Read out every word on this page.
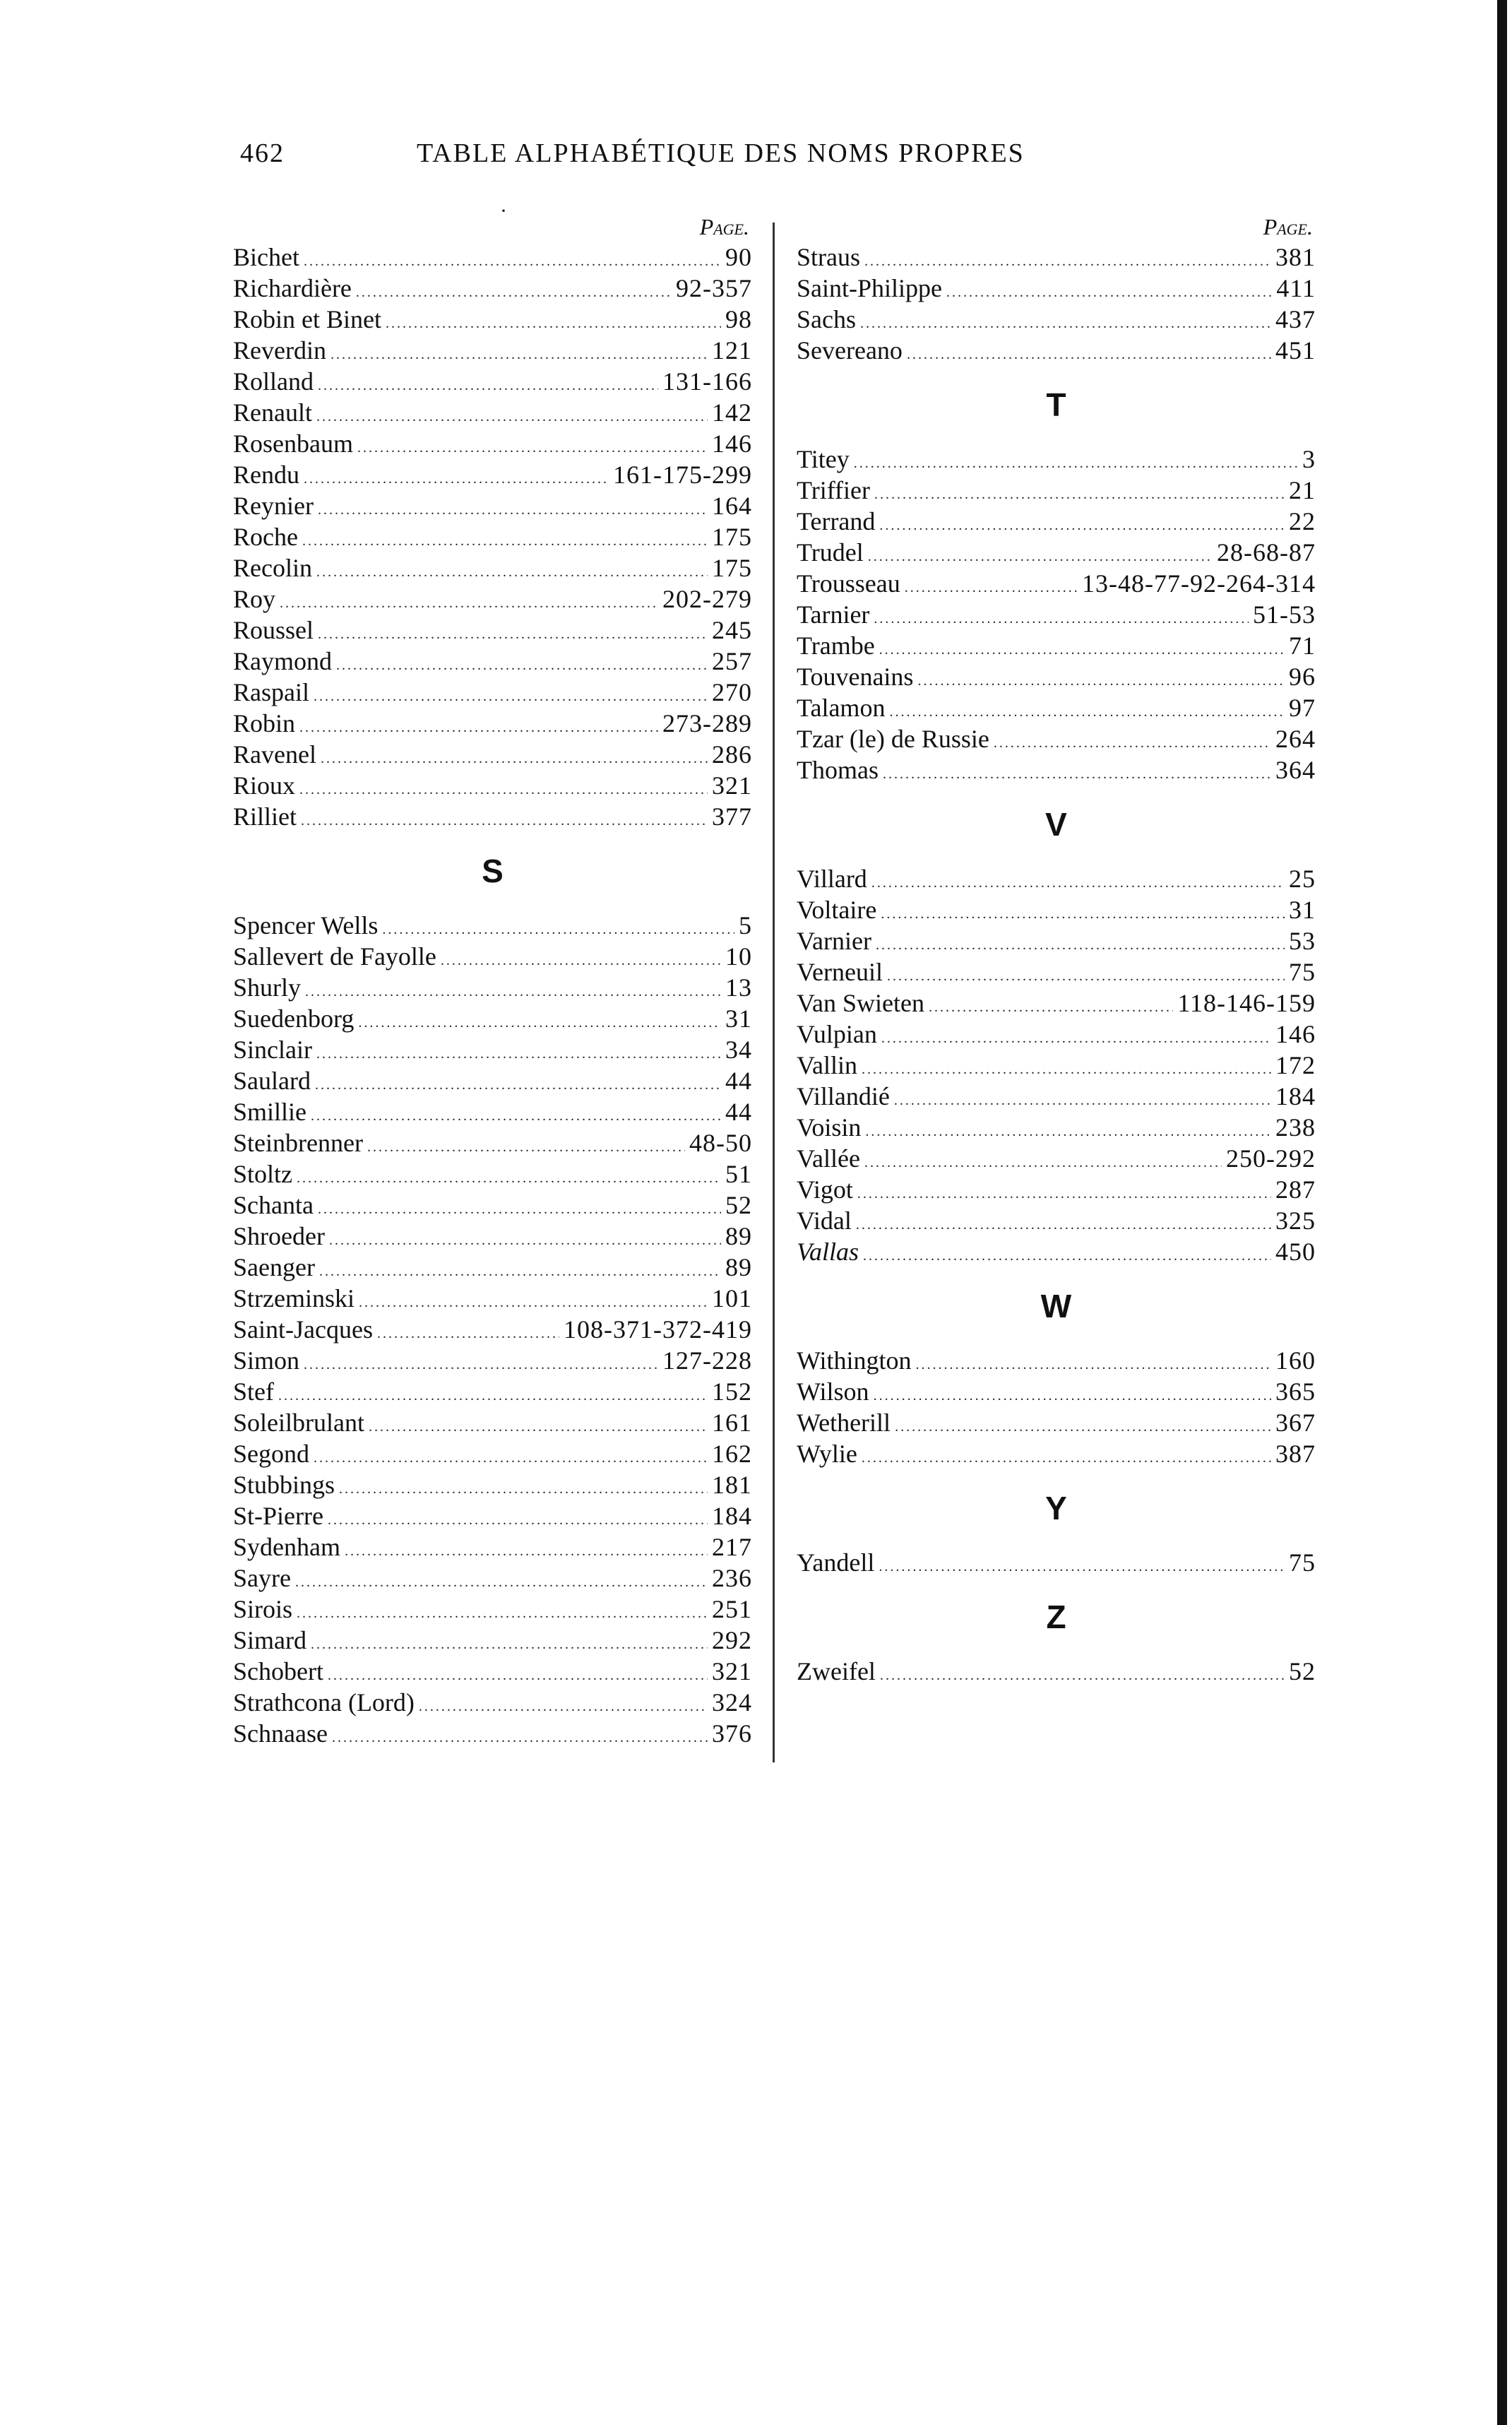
462	TABLE ALPHABÉTIQUE DES NOMS PROPRES
·
Page.
Bichet . . .	90
Richardière . . .	92-357
Robin et Binet . . .	98
Reverdin . . .	121
Rolland . . .	131-166
Renault . . .	142
Rosenbaum . . .	146
Rendu . . .	161-175-299
Reynier . . .	164
Roche . . .	175
Recolin . . .	175
Roy . . .	202-279
Roussel . . .	245
Raymond . . .	257
Raspail . . .	270
Robin . . .	273-289
Ravenel . . .	286
Rioux . . .	321
Rilliet . . .	377
S
Spencer Wells . . .	5
Sallevert de Fayolle . . .	10
Shurly . . .	13
Suedenborg . . .	31
Sinclair . . .	34
Saulard . . .	44
Smillie . . .	44
Steinbrenner . . .	48-50
Stoltz . . .	51
Schanta . . .	52
Shroeder . . .	89
Saenger . . .	89
Strzeminski . . .	101
Saint-Jacques . . .	108-371-372-419
Simon . . .	127-228
Stef . . .	152
Soleilbrulant . . .	161
Segond . . .	162
Stubbings . . .	181
St-Pierre . . .	184
Sydenham . . .	217
Sayre . . .	236
Sirois . . .	251
Simard . . .	292
Schobert . . .	321
Strathcona (Lord) . . .	324
Schnaase . . .	376
Page.
Straus . . .	381
Saint-Philippe . . .	411
Sachs . . .	437
Severeano . . .	451
T
Titey . . .	3
Triffier . . .	21
Terrand . . .	22
Trudel . . .	28-68-87
Trousseau . . .	13-48-77-92-264-314
Tarnier . . .	51-53
Trambe . . .	71
Touvenains . . .	96
Talamon . . .	97
Tzar (le) de Russie . . .	264
Thomas . . .	364
V
Villard . . .	25
Voltaire . . .	31
Varnier . . .	53
Verneuil . . .	75
Van Swieten . . .	118-146-159
Vulpian . . .	146
Vallin . . .	172
Villandié . . .	184
Voisin . . .	238
Vallée . . .	250-292
Vigot . . .	287
Vidal . . .	325
Vallas . . .	450
W
Withington . . .	160
Wilson . . .	365
Wetherill . . .	367
Wylie . . .	387
Y
Yandell . . .	75
Z
Zweifel . . .	52
